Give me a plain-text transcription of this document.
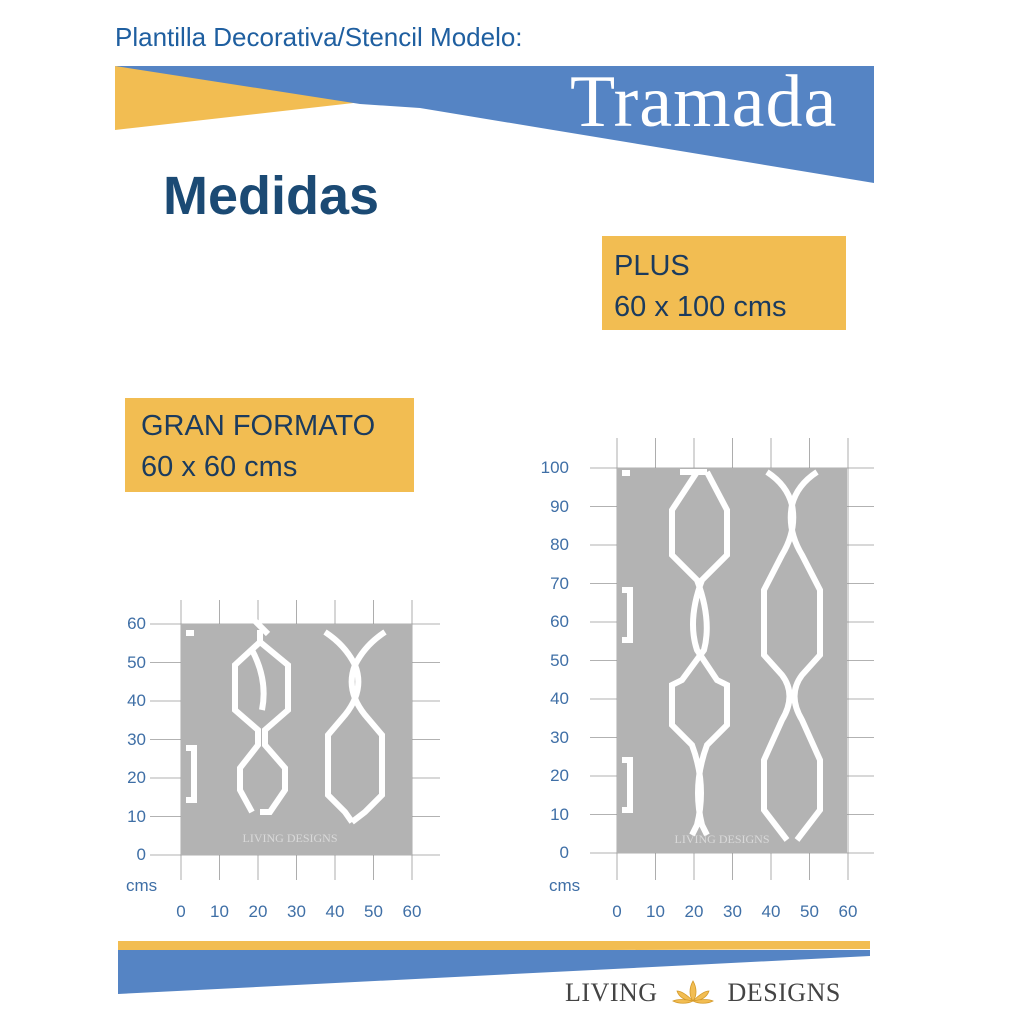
Plantilla Decorativa/Stencil Modelo:
Tramada
Medidas
PLUS
60 x 100 cms
GRAN FORMATO
60 x 60 cms
LIVING DESIGNS	LIVING DESIGNS
60
50
40
30
20
10
0
0	10	20	30	40	50	60
100
90
80
70
60
50
40
30
20
10
0
0	10	20	30	40	50	60
cms	cms
LIVING	DESIGNS
